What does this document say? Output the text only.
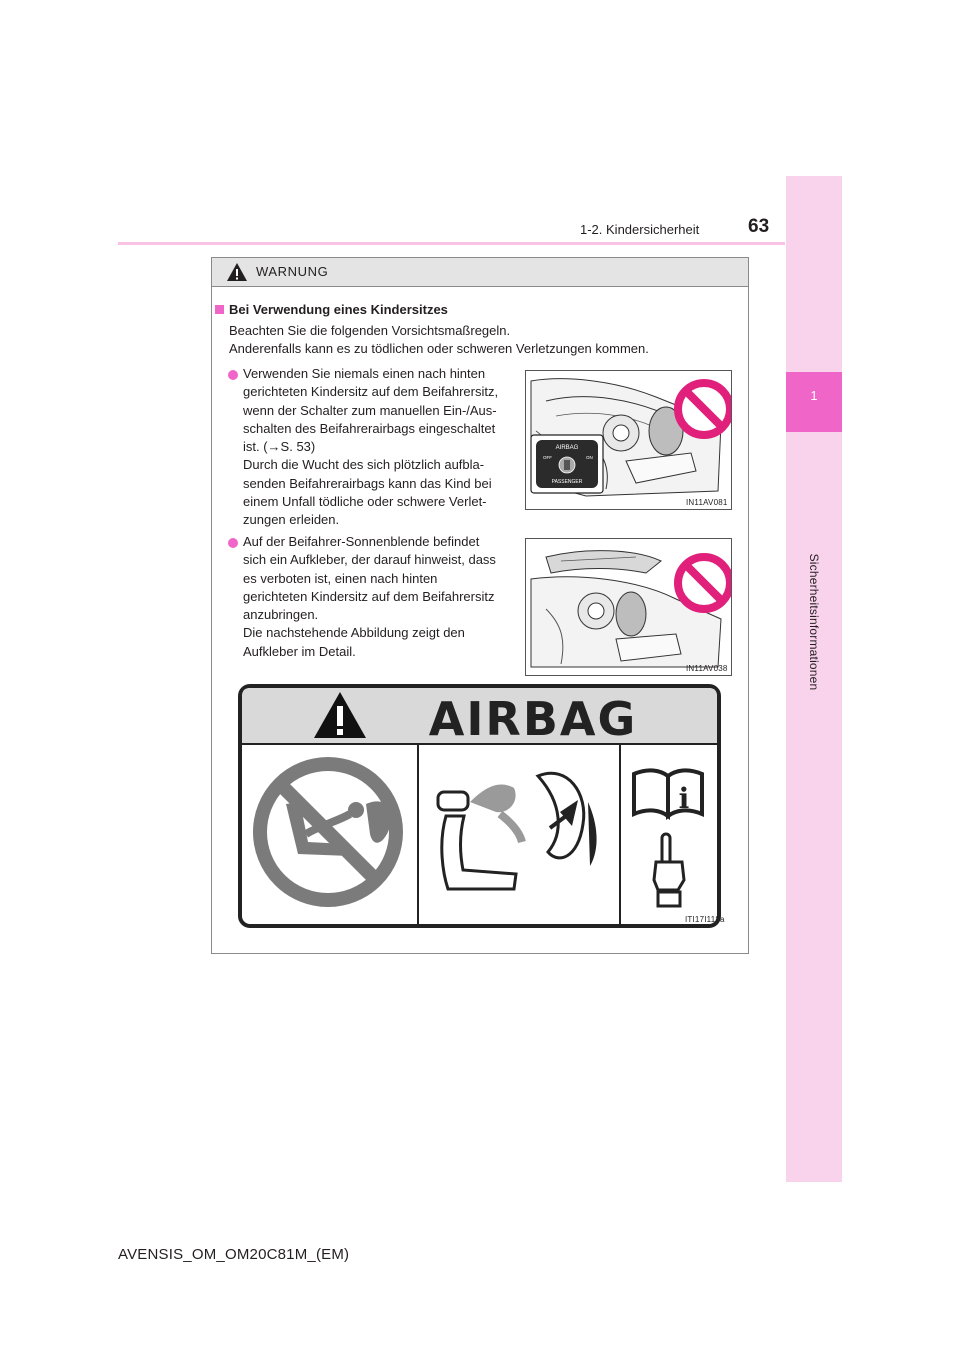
1
Sicherheitsinformationen
1-2. Kindersicherheit	63
WARNUNG
Bei Verwendung eines Kindersitzes
Beachten Sie die folgenden Vorsichtsmaßregeln.
Anderenfalls kann es zu tödlichen oder schweren Verletzungen kommen.
Verwenden Sie niemals einen nach hinten
gerichteten Kindersitz auf dem Beifahrersitz,
wenn der Schalter zum manuellen Ein-/Aus-
schalten des Beifahrerairbags eingeschaltet
ist. (→S. 53)
Durch die Wucht des sich plötzlich aufbla-
senden Beifahrerairbags kann das Kind bei
einem Unfall tödliche oder schwere Verlet-
zungen erleiden.
AIRBAG
OFF	ON
PASSENGER
IN11AV081
Auf der Beifahrer-Sonnenblende befindet
sich ein Aufkleber, der darauf hinweist, dass
es verboten ist, einen nach hinten
gerichteten Kindersitz auf dem Beifahrersitz
anzubringen.
Die nachstehende Abbildung zeigt den
Aufkleber im Detail.
IN11AV038
AIRBAG
i
ITI17I118a
AVENSIS_OM_OM20C81M_(EM)
